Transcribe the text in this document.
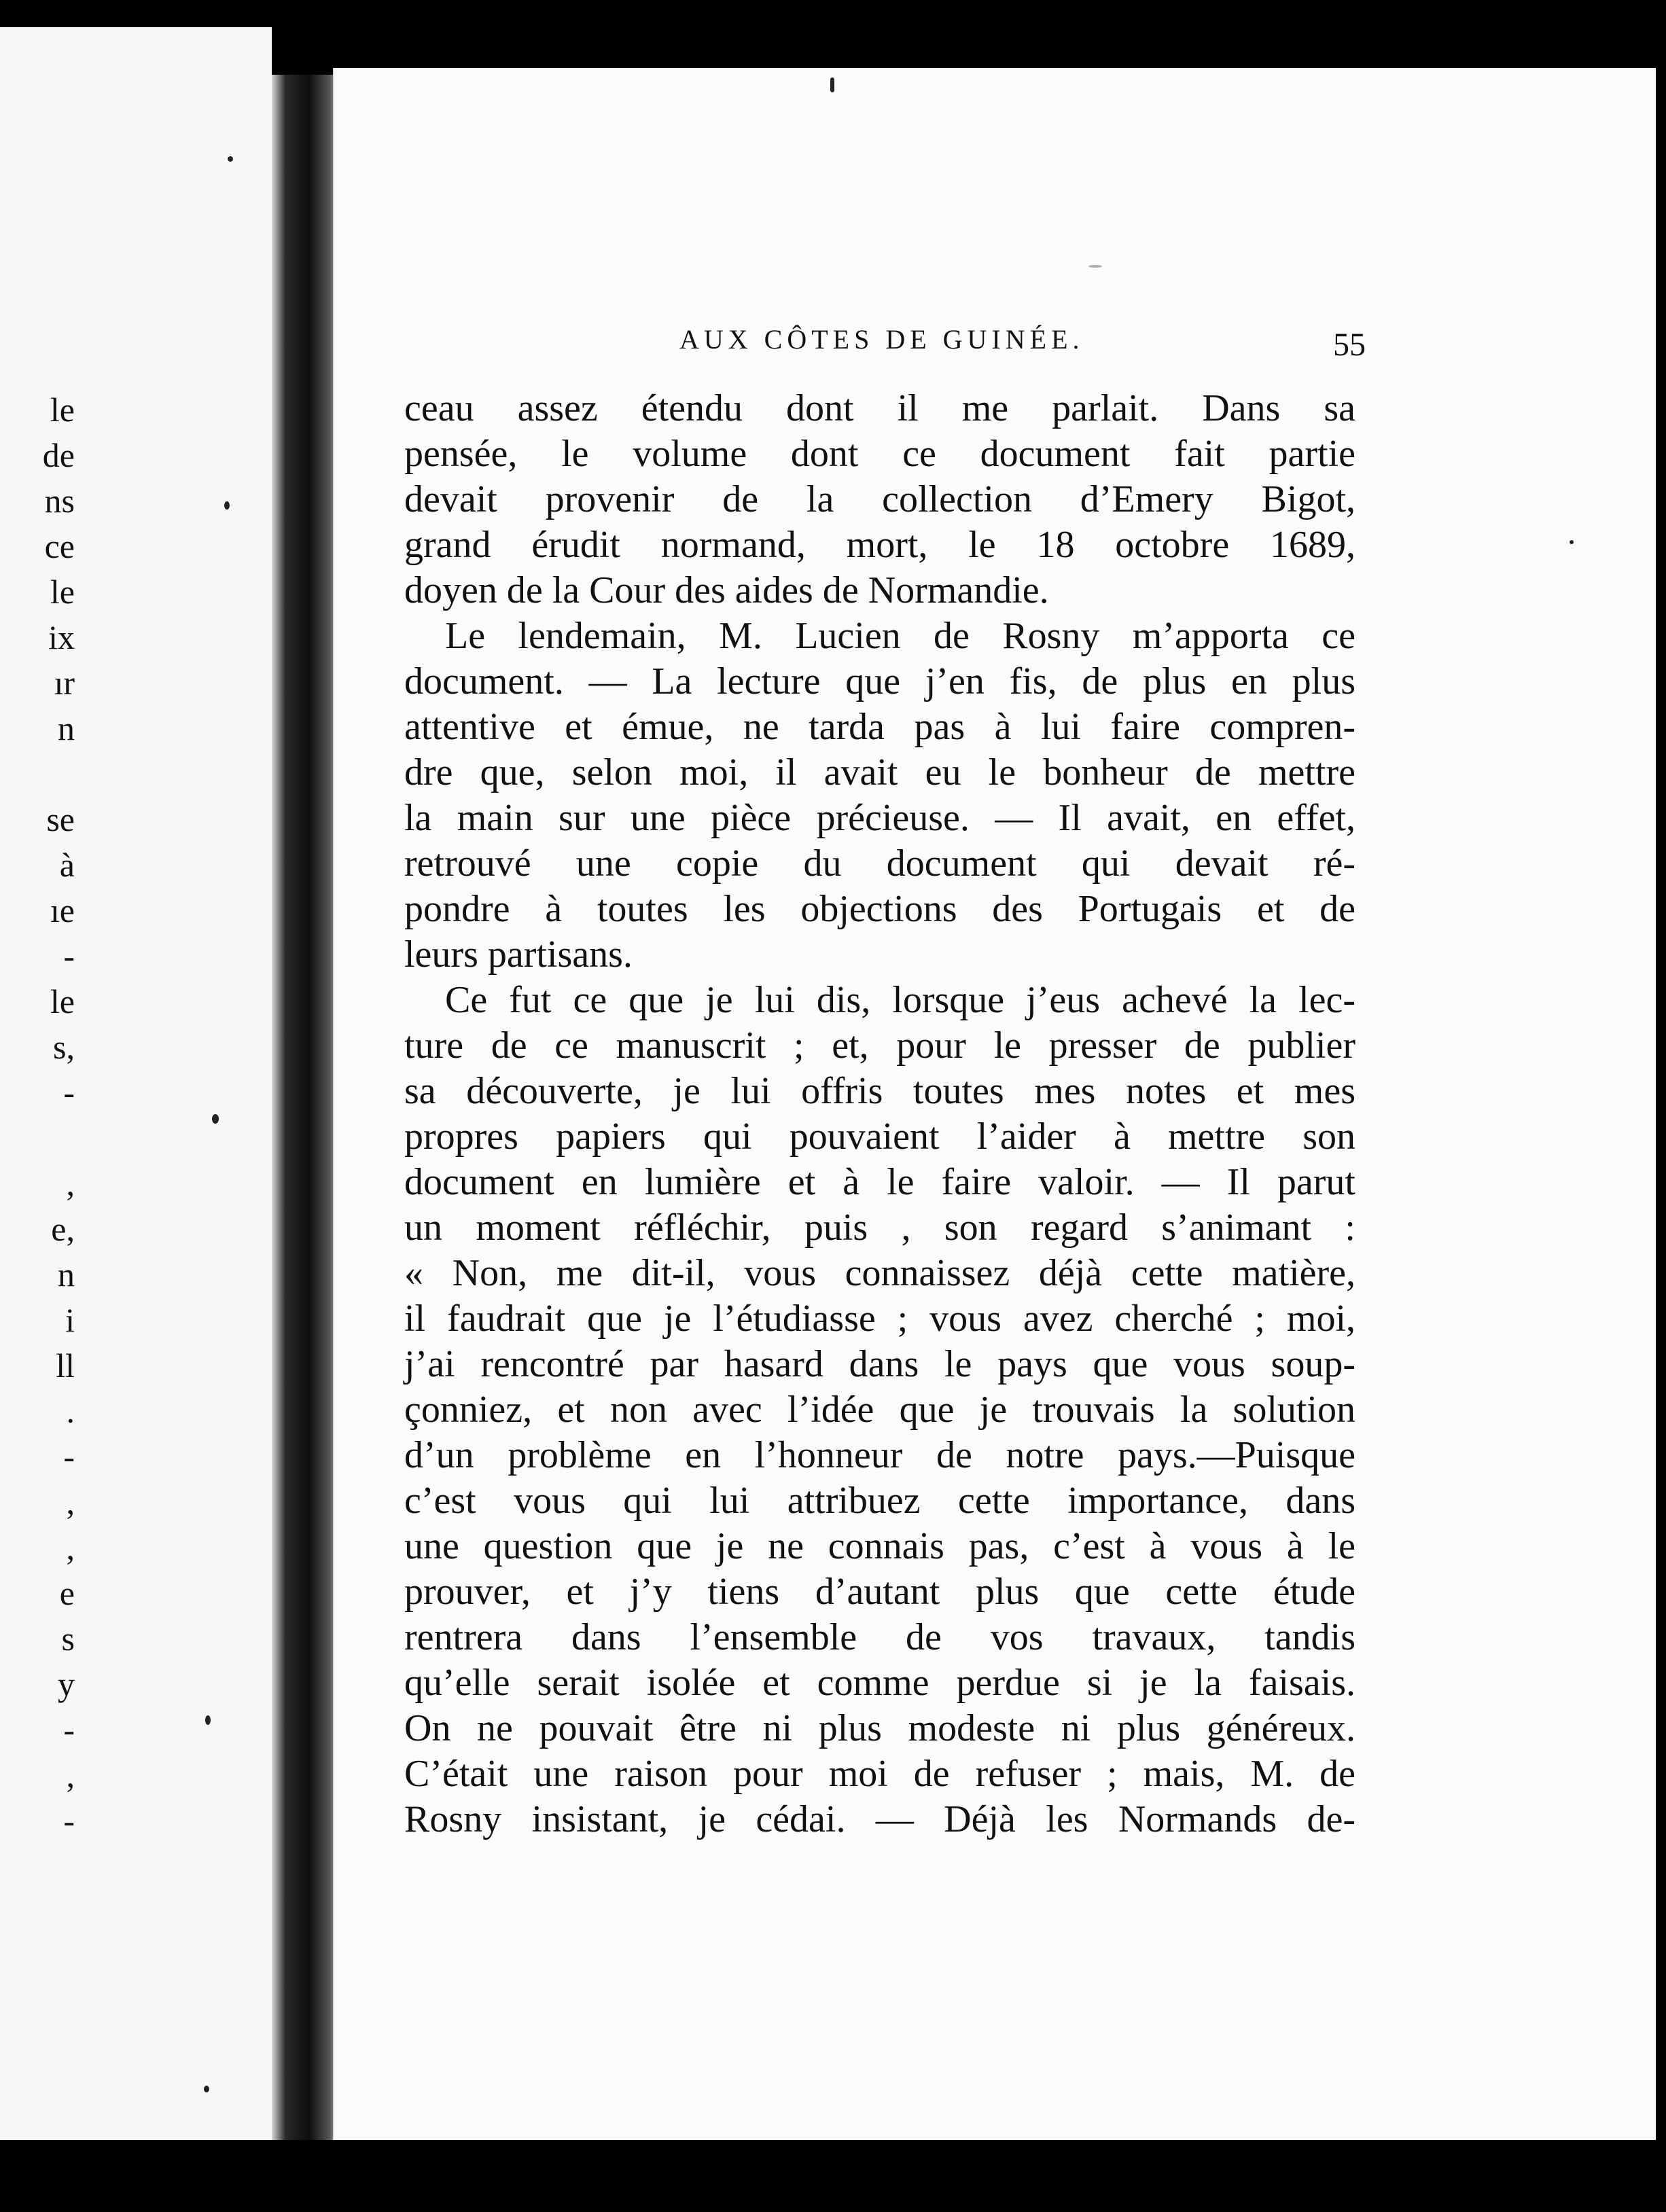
le
de
ns
ce
le
ix
ır
n
se
à
ıe
-
le
s,
-
,
e,
n
i
ll
.
-
,
,
e
s
y
-
,
-
AUX CÔTES DE GUINÉE.	55
ceau assez étendu dont il me parlait. Dans sa
pensée, le volume dont ce document fait partie
devait provenir de la collection d’Emery Bigot,
grand érudit normand, mort, le 18 octobre 1689,
doyen de la Cour des aides de Normandie.
Le lendemain, M. Lucien de Rosny m’apporta ce
document. — La lecture que j’en fis, de plus en plus
attentive et émue, ne tarda pas à lui faire compren-
dre que, selon moi, il avait eu le bonheur de mettre
la main sur une pièce précieuse. — Il avait, en effet,
retrouvé une copie du document qui devait ré-
pondre à toutes les objections des Portugais et de
leurs partisans.
Ce fut ce que je lui dis, lorsque j’eus achevé la lec-
ture de ce manuscrit ; et, pour le presser de publier
sa découverte, je lui offris toutes mes notes et mes
propres papiers qui pouvaient l’aider à mettre son
document en lumière et à le faire valoir. — Il parut
un moment réfléchir, puis , son regard s’animant :
« Non, me dit-il, vous connaissez déjà cette matière,
il faudrait que je l’étudiasse ; vous avez cherché ; moi,
j’ai rencontré par hasard dans le pays que vous soup-
çonniez, et non avec l’idée que je trouvais la solution
d’un problème en l’honneur de notre pays.—Puisque
c’est vous qui lui attribuez cette importance, dans
une question que je ne connais pas, c’est à vous à le
prouver, et j’y tiens d’autant plus que cette étude
rentrera dans l’ensemble de vos travaux, tandis
qu’elle serait isolée et comme perdue si je la faisais.
On ne pouvait être ni plus modeste ni plus généreux.
C’était une raison pour moi de refuser ; mais, M. de
Rosny insistant, je cédai. — Déjà les Normands de-
